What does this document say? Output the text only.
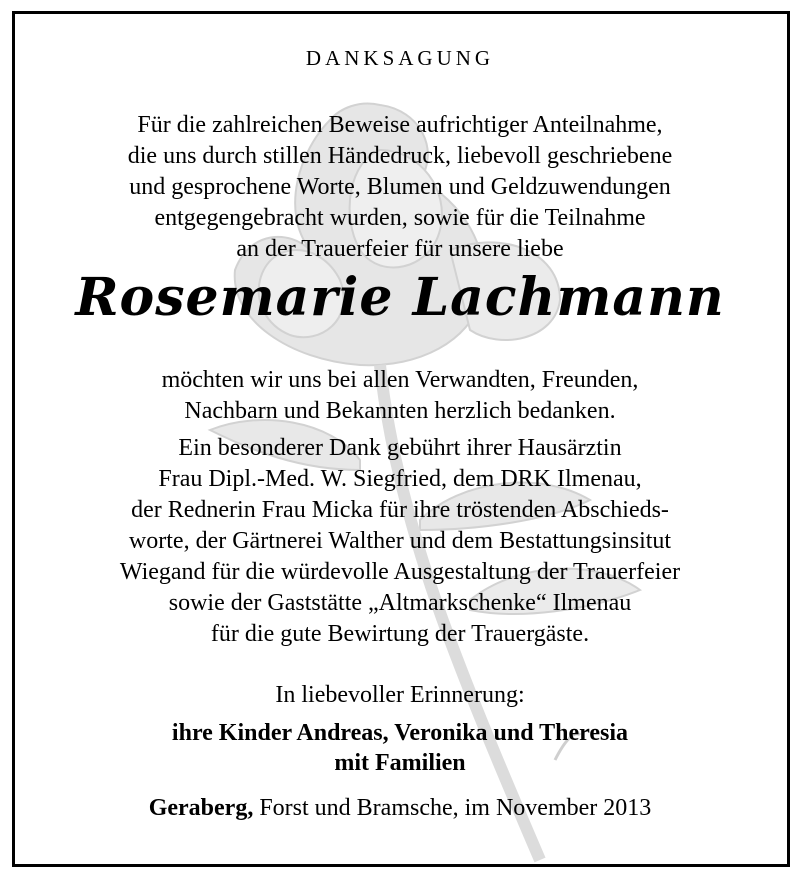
DANKSAGUNG
Für die zahlreichen Beweise aufrichtiger Anteilnahme,
die uns durch stillen Händedruck, liebevoll geschriebene
und gesprochene Worte, Blumen und Geldzuwendungen
entgegengebracht wurden, sowie für die Teilnahme
an der Trauerfeier für unsere liebe
Rosemarie Lachmann
möchten wir uns bei allen Verwandten, Freunden,
Nachbarn und Bekannten herzlich bedanken.
Ein besonderer Dank gebührt ihrer Hausärztin
Frau Dipl.-Med. W. Siegfried, dem DRK Ilmenau,
der Rednerin Frau Micka für ihre tröstenden Abschieds-
worte, der Gärtnerei Walther und dem Bestattungsinsitut
Wiegand für die würdevolle Ausgestaltung der Trauerfeier
sowie der Gaststätte „Altmarkschenke“ Ilmenau
für die gute Bewirtung der Trauergäste.
In liebevoller Erinnerung:
ihre Kinder Andreas, Veronika und Theresia
mit Familien
Geraberg, Forst und Bramsche, im November 2013
